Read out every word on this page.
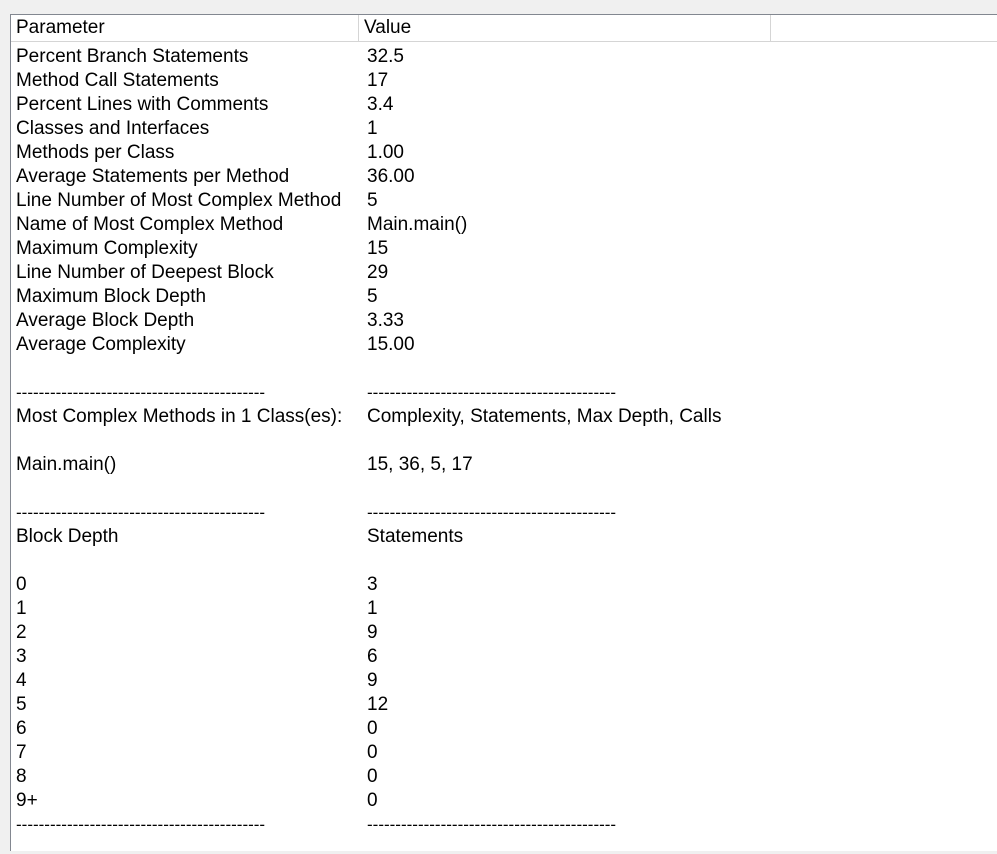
Parameter	Value
Percent Branch Statements	32.5
Method Call Statements	17
Percent Lines with Comments	3.4
Classes and Interfaces	1
Methods per Class	1.00
Average Statements per Method	36.00
Line Number of Most Complex Method	5
Name of Most Complex Method	Main.main()
Maximum Complexity	15
Line Number of Deepest Block	29
Maximum Block Depth	5
Average Block Depth	3.33
Average Complexity	15.00
--------------------------------------------	--------------------------------------------
Most Complex Methods in 1 Class(es):	Complexity, Statements, Max Depth, Calls
Main.main()	15, 36, 5, 17
--------------------------------------------	--------------------------------------------
Block Depth	Statements
0	3
1	1
2	9
3	6
4	9
5	12
6	0
7	0
8	0
9+	0
--------------------------------------------	--------------------------------------------
